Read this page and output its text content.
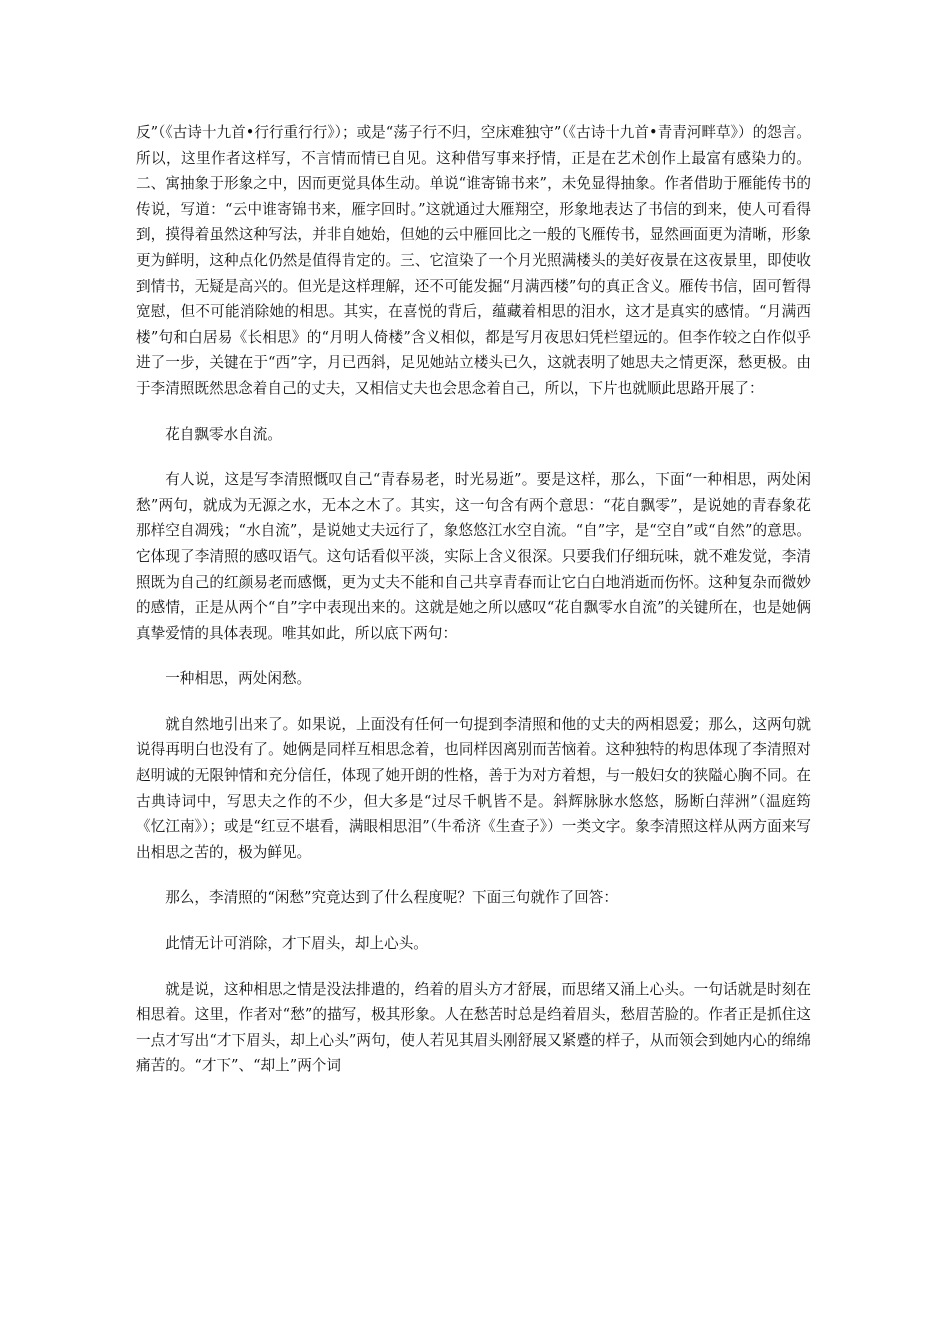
反”（《古诗十九首•行行重行行》）；或是“荡子行不归，空床难独守”（《古诗十九首•青青河畔草》）的怨言。所以，这里作者这样写，不言情而情已自见。这种借写事来抒情，正是在艺术创作上最富有感染力的。二、寓抽象于形象之中，因而更觉具体生动。单说“谁寄锦书来”，未免显得抽象。作者借助于雁能传书的传说，写道：“云中谁寄锦书来，雁字回时。”这就通过大雁翔空，形象地表达了书信的到来，使人可看得到，摸得着虽然这种写法，并非自她始，但她的云中雁回比之一般的飞雁传书，显然画面更为清晰，形象更为鲜明，这种点化仍然是值得肯定的。三、它渲染了一个月光照满楼头的美好夜景在这夜景里，即使收到情书，无疑是高兴的。但光是这样理解，还不可能发掘“月满西楼”句的真正含义。雁传书信，固可暂得宽慰，但不可能消除她的相思。其实，在喜悦的背后，蕴藏着相思的泪水，这才是真实的感情。“月满西楼”句和白居易《长相思》的“月明人倚楼”含义相似，都是写月夜思妇凭栏望远的。但李作较之白作似乎进了一步，关键在于“西”字，月已西斜，足见她站立楼头已久，这就表明了她思夫之情更深，愁更极。由于李清照既然思念着自己的丈夫，又相信丈夫也会思念着自己，所以，下片也就顺此思路开展了：

花自飘零水自流。

有人说，这是写李清照慨叹自己“青春易老，时光易逝”。要是这样，那么，下面“一种相思，两处闲愁”两句，就成为无源之水，无本之木了。其实，这一句含有两个意思：“花自飘零”，是说她的青春象花那样空自凋残；“水自流”，是说她丈夫远行了，象悠悠江水空自流。“自”字，是“空自”或“自然”的意思。它体现了李清照的感叹语气。这句话看似平淡，实际上含义很深。只要我们仔细玩味，就不难发觉，李清照既为自己的红颜易老而感慨，更为丈夫不能和自己共享青春而让它白白地消逝而伤怀。这种复杂而微妙的感情，正是从两个“自”字中表现出来的。这就是她之所以感叹“花自飘零水自流”的关键所在，也是她俩真挚爱情的具体表现。唯其如此，所以底下两句：

一种相思，两处闲愁。

就自然地引出来了。如果说，上面没有任何一句提到李清照和他的丈夫的两相恩爱；那么，这两句就说得再明白也没有了。她俩是同样互相思念着，也同样因离别而苦恼着。这种独特的构思体现了李清照对赵明诚的无限钟情和充分信任，体现了她开朗的性格，善于为对方着想，与一般妇女的狭隘心胸不同。在古典诗词中，写思夫之作的不少，但大多是“过尽千帆皆不是。斜辉脉脉水悠悠，肠断白萍洲”（温庭筠《忆江南》）；或是“红豆不堪看，满眼相思泪”（牛希济《生查子》）一类文字。象李清照这样从两方面来写出相思之苦的，极为鲜见。

那么，李清照的“闲愁”究竟达到了什么程度呢？下面三句就作了回答：

此情无计可消除，才下眉头，却上心头。

就是说，这种相思之情是没法排遣的，绉着的眉头方才舒展，而思绪又涌上心头。一句话就是时刻在相思着。这里，作者对“愁”的描写，极其形象。人在愁苦时总是绉着眉头，愁眉苦脸的。作者正是抓住这一点才写出“才下眉头，却上心头”两句，使人若见其眉头刚舒展又紧蹙的样子，从而领会到她内心的绵绵痛苦的。“才下”、“却上”两个词
